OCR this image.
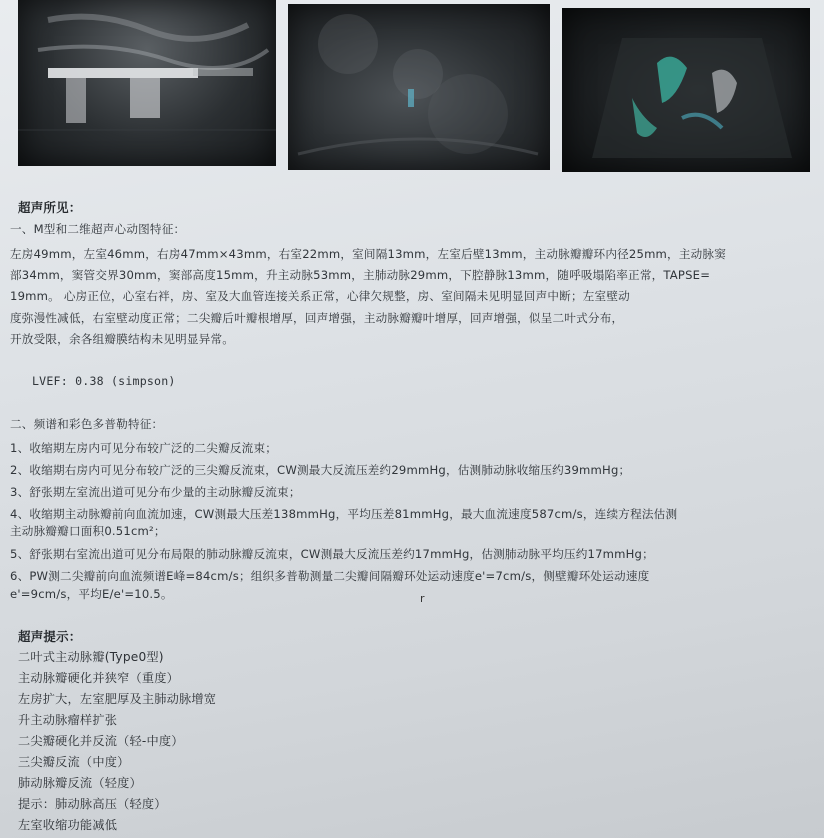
超声所见：
一、M型和二维超声心动图特征：
左房49mm，左室46mm，右房47mm×43mm，右室22mm，室间隔13mm，左室后壁13mm，主动脉瓣瓣环内径25mm，主动脉窦
部34mm，窦管交界30mm，窦部高度15mm，升主动脉53mm，主肺动脉29mm，下腔静脉13mm，随呼吸塌陷率正常，TAPSE=
19mm。 心房正位，心室右袢，房、室及大血管连接关系正常，心律欠规整，房、室间隔未见明显回声中断；左室壁动
度弥漫性减低，右室壁动度正常；二尖瓣后叶瓣根增厚，回声增强，主动脉瓣瓣叶增厚，回声增强，似呈二叶式分布，
开放受限，余各组瓣膜结构未见明显异常。
LVEF: 0.38 (simpson)
二、频谱和彩色多普勒特征：
1、收缩期左房内可见分布较广泛的二尖瓣反流束；
2、收缩期右房内可见分布较广泛的三尖瓣反流束，CW测最大反流压差约29mmHg，估测肺动脉收缩压约39mmHg；
3、舒张期左室流出道可见分布少量的主动脉瓣反流束；
4、收缩期主动脉瓣前向血流加速，CW测最大压差138mmHg，平均压差81mmHg，最大血流速度587cm/s，连续方程法估测
主动脉瓣瓣口面积0.51cm²；
5、舒张期右室流出道可见分布局限的肺动脉瓣反流束，CW测最大反流压差约17mmHg，估测肺动脉平均压约17mmHg；
6、PW测二尖瓣前向血流频谱E峰=84cm/s；组织多普勒测量二尖瓣间隔瓣环处运动速度e'=7cm/s，侧壁瓣环处运动速度
e'=9cm/s，平均E/e'=10.5。	r
超声提示：
二叶式主动脉瓣(Type0型)
主动脉瓣硬化并狭窄（重度）
左房扩大，左室肥厚及主肺动脉增宽
升主动脉瘤样扩张
二尖瓣硬化并反流（轻-中度）
三尖瓣反流（中度）
肺动脉瓣反流（轻度）
提示：肺动脉高压（轻度）
左室收缩功能减低
